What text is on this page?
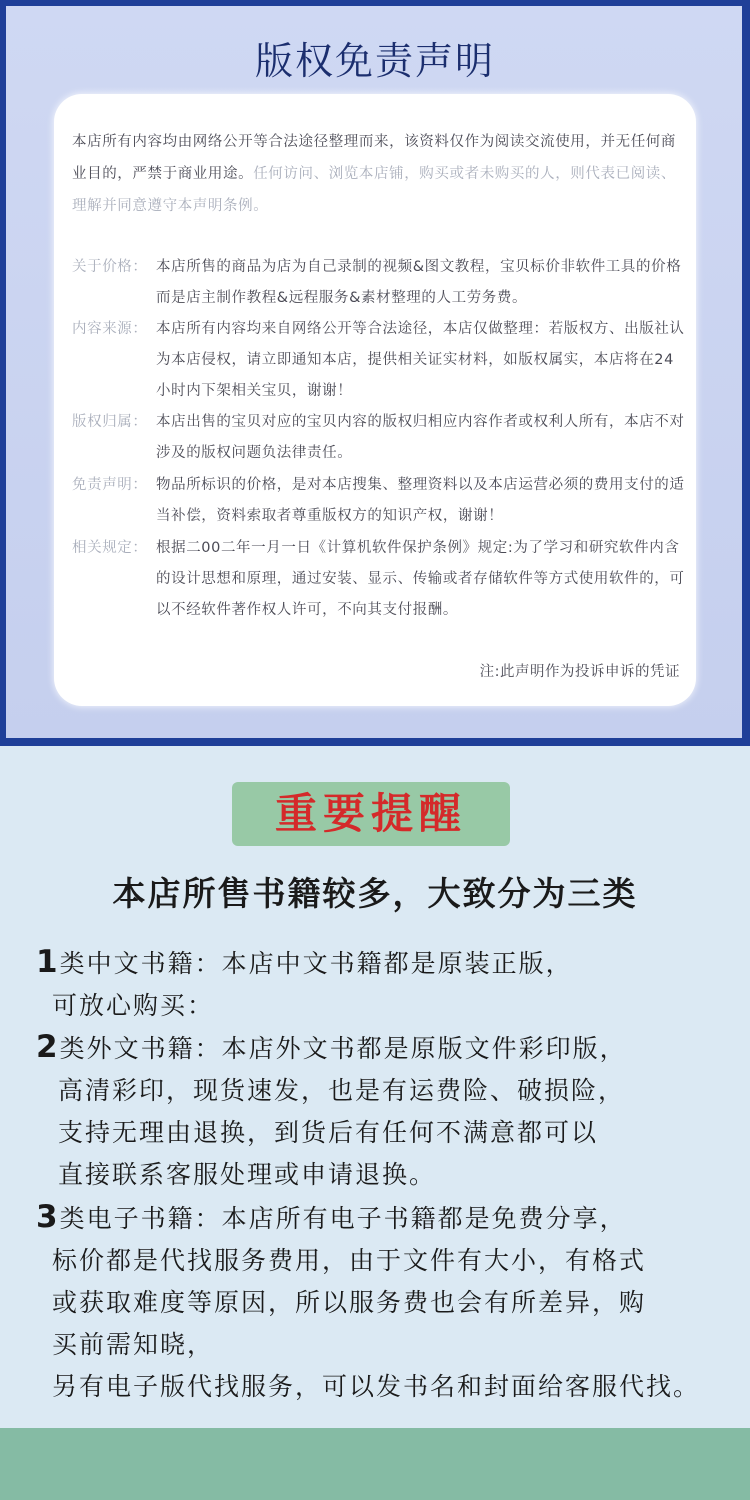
版权免责声明
本店所有内容均由网络公开等合法途径整理而来，该资料仅作为阅读交流使用，并无任何商业目的，严禁于商业用途。任何访问、浏览本店铺，购买或者未购买的人，则代表已阅读、理解并同意遵守本声明条例。
关于价格： 本店所售的商品为店为自己录制的视频&图文教程，宝贝标价非软件工具的价格而是店主制作教程&远程服务&素材整理的人工劳务费。
内容来源： 本店所有内容均来自网络公开等合法途径，本店仅做整理：若版权方、出版社认为本店侵权，请立即通知本店，提供相关证实材料，如版权属实，本店将在24小时内下架相关宝贝，谢谢！
版权归属： 本店出售的宝贝对应的宝贝内容的版权归相应内容作者或权利人所有，本店不对涉及的版权问题负法律责任。
免责声明： 物品所标识的价格，是对本店搜集、整理资料以及本店运营必须的费用支付的适当补偿，资料索取者尊重版权方的知识产权，谢谢！
相关规定： 根据二00二年一月一日《计算机软件保护条例》规定:为了学习和研究软件内含的设计思想和原理，通过安装、显示、传输或者存储软件等方式使用软件的，可以不经软件著作权人许可，不向其支付报酬。
注:此声明作为投诉申诉的凭证
重要提醒
本店所售书籍较多，大致分为三类
1类中文书籍：本店中文书籍都是原装正版，
可放心购买：
2类外文书籍：本店外文书都是原版文件彩印版，
高清彩印，现货速发，也是有运费险、破损险，
支持无理由退换，到货后有任何不满意都可以
直接联系客服处理或申请退换。
3类电子书籍：本店所有电子书籍都是免费分享，
标价都是代找服务费用，由于文件有大小，有格式
或获取难度等原因，所以服务费也会有所差异，购
买前需知晓，
另有电子版代找服务，可以发书名和封面给客服代找。
